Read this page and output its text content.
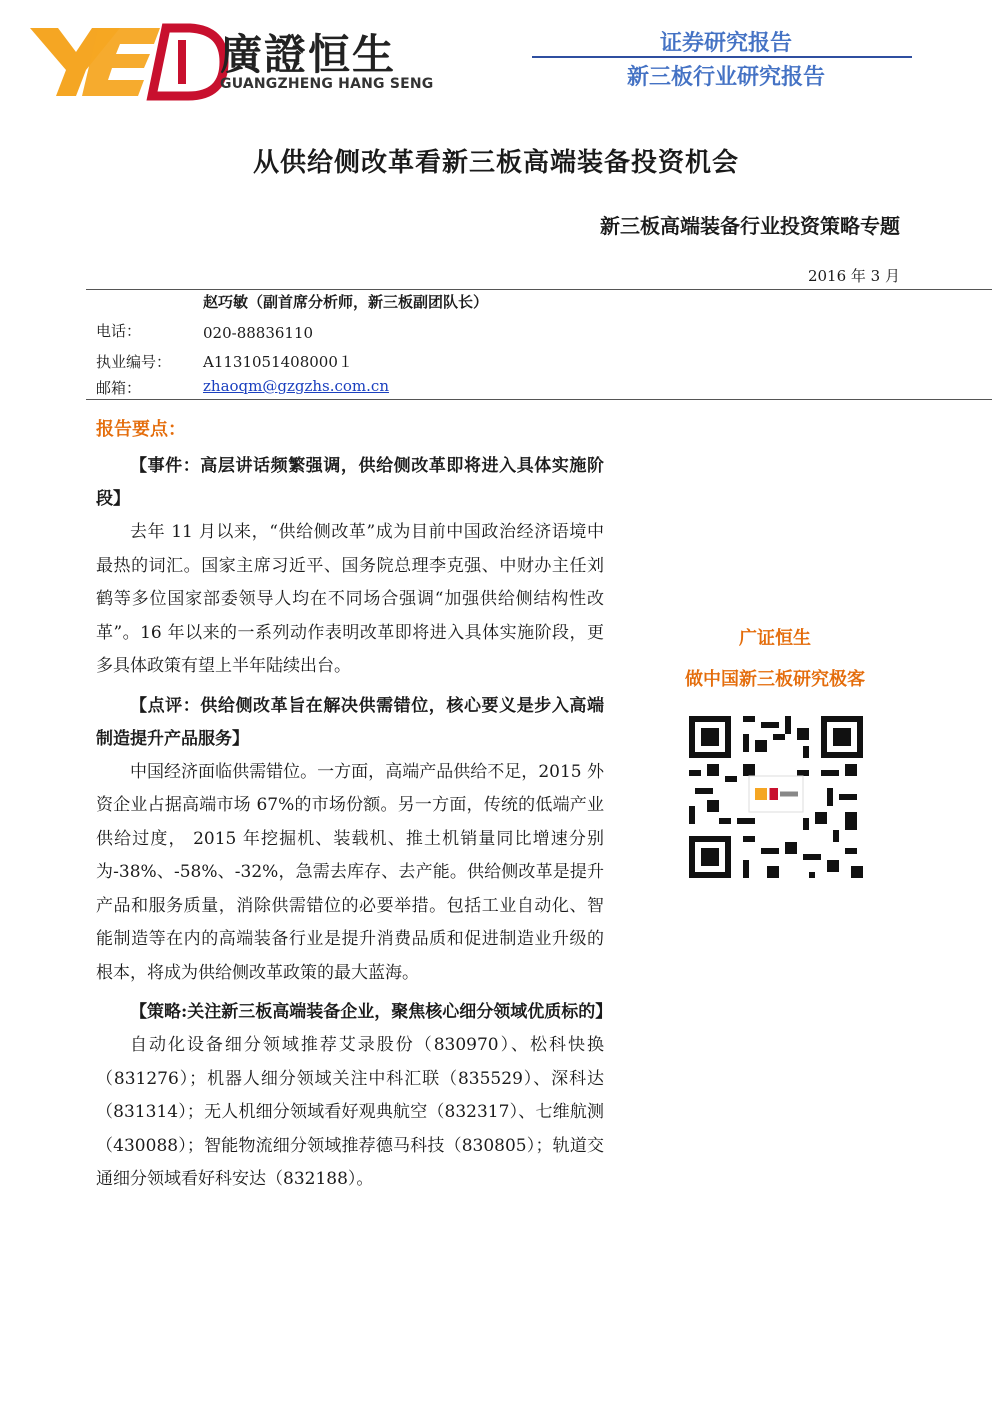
廣證恒生
GUANGZHENG HANG SENG
证券研究报告
新三板行业研究报告
从供给侧改革看新三板高端装备投资机会
新三板高端装备行业投资策略专题
2016 年 3 月
赵巧敏（副首席分析师，新三板副团队长）
电话：	020-88836110
执业编号： A1131051408000１
邮箱：	zhaoqm@gzgzhs.com.cn
报告要点：

【事件：高层讲话频繁强调，供给侧改革即将进入具体实施阶段】

去年 11 月以来，“供给侧改革”成为目前中国政治经济语境中最热的词汇。国家主席习近平、国务院总理李克强、中财办主任刘鹤等多位国家部委领导人均在不同场合强调“加强供给侧结构性改革”。16 年以来的一系列动作表明改革即将进入具体实施阶段，更多具体政策有望上半年陆续出台。

【点评：供给侧改革旨在解决供需错位，核心要义是步入高端制造提升产品服务】

中国经济面临供需错位。一方面，高端产品供给不足，2015 外资企业占据高端市场 67%的市场份额。另一方面，传统的低端产业供给过度， 2015 年挖掘机、装载机、推土机销量同比增速分别为-38%、-58%、-32%，急需去库存、去产能。供给侧改革是提升产品和服务质量，消除供需错位的必要举措。包括工业自动化、智能制造等在内的高端装备行业是提升消费品质和促进制造业升级的根本，将成为供给侧改革政策的最大蓝海。

【策略:关注新三板高端装备企业，聚焦核心细分领域优质标的】

自动化设备细分领域推荐艾录股份（830970）、松科快换（831276）；机器人细分领域关注中科汇联（835529）、深科达（831314）；无人机细分领域看好观典航空（832317）、七维航测（430088）；智能物流细分领域推荐德马科技（830805）；轨道交通细分领域看好科安达（832188）。

广证恒生
做中国新三板研究极客
